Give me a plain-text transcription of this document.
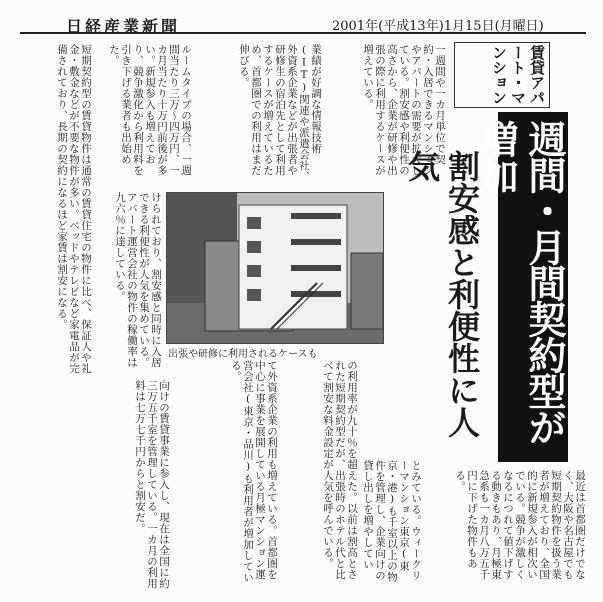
日経産業新聞	2001年(平成13年)1月15日(月曜日)
賃貸アパート・マンション
週間・月間契約型が増加
割安感と利便性に人気
一週間や一カ月単位で契約・入居できるマンションやアパートの需要が拡大している。割安感や利便性の高さから、企業が研修や出張の際に利用するケースが増えている。
業績が好調な情報技術(IT)関連や派遣会社、外資系企業などが出張者や研修生の宿泊先として利用するケースが増えているため、首都圏での利用はまだ伸びる。
ルームタイプの場合、一週間当たり三万～四万円、一カ月当たり十万円前後が多い。新規参入も増えており、競争激化から利用料を引き下げる業者も出始めた。
短期契約型の賃貸物件は通常の賃貸住宅の物件に比べ、保証人や礼金・敷金などが不要な物件が多い。ベッドやテレビなど家電品が完備されており、長期の契約になるほど家賃は割安になる。	けられており、割安感と同時に入居できる利便性が人気を集めている。アパート運営会社の物件の稼働率は九六％に達している。
出張や研修に利用されるケースも
向けの賃貸事業に参入し、現在は全国に約三万五千室を管理している。一カ月の利用料は七万七千円からと割安だ。	て外資系企業の利用も増えている。首都圏を中心に事業を展開している月極マンション運営会社(東京・品川)も利用者が増加している。	の利用率が九十％を超えた。以前は割高とされた短期契約型だが、出張時のホテル代と比べて割安な料金設定が人気を呼んでいる。	とみている。ウィークリーマンション東京(東京・港)も千室以上の物件を管理し、企業向けの貸し出しを増やしてい	最近は首都圏だけでなく、大阪や名古屋でも短期契約物件を扱う業者が増えており、全国的に新規参入が相次いでいる。競争が激しくなるにつれて値下げする動きもあり、月極東急系も一カ月八万五千円に下げた物件もある。
